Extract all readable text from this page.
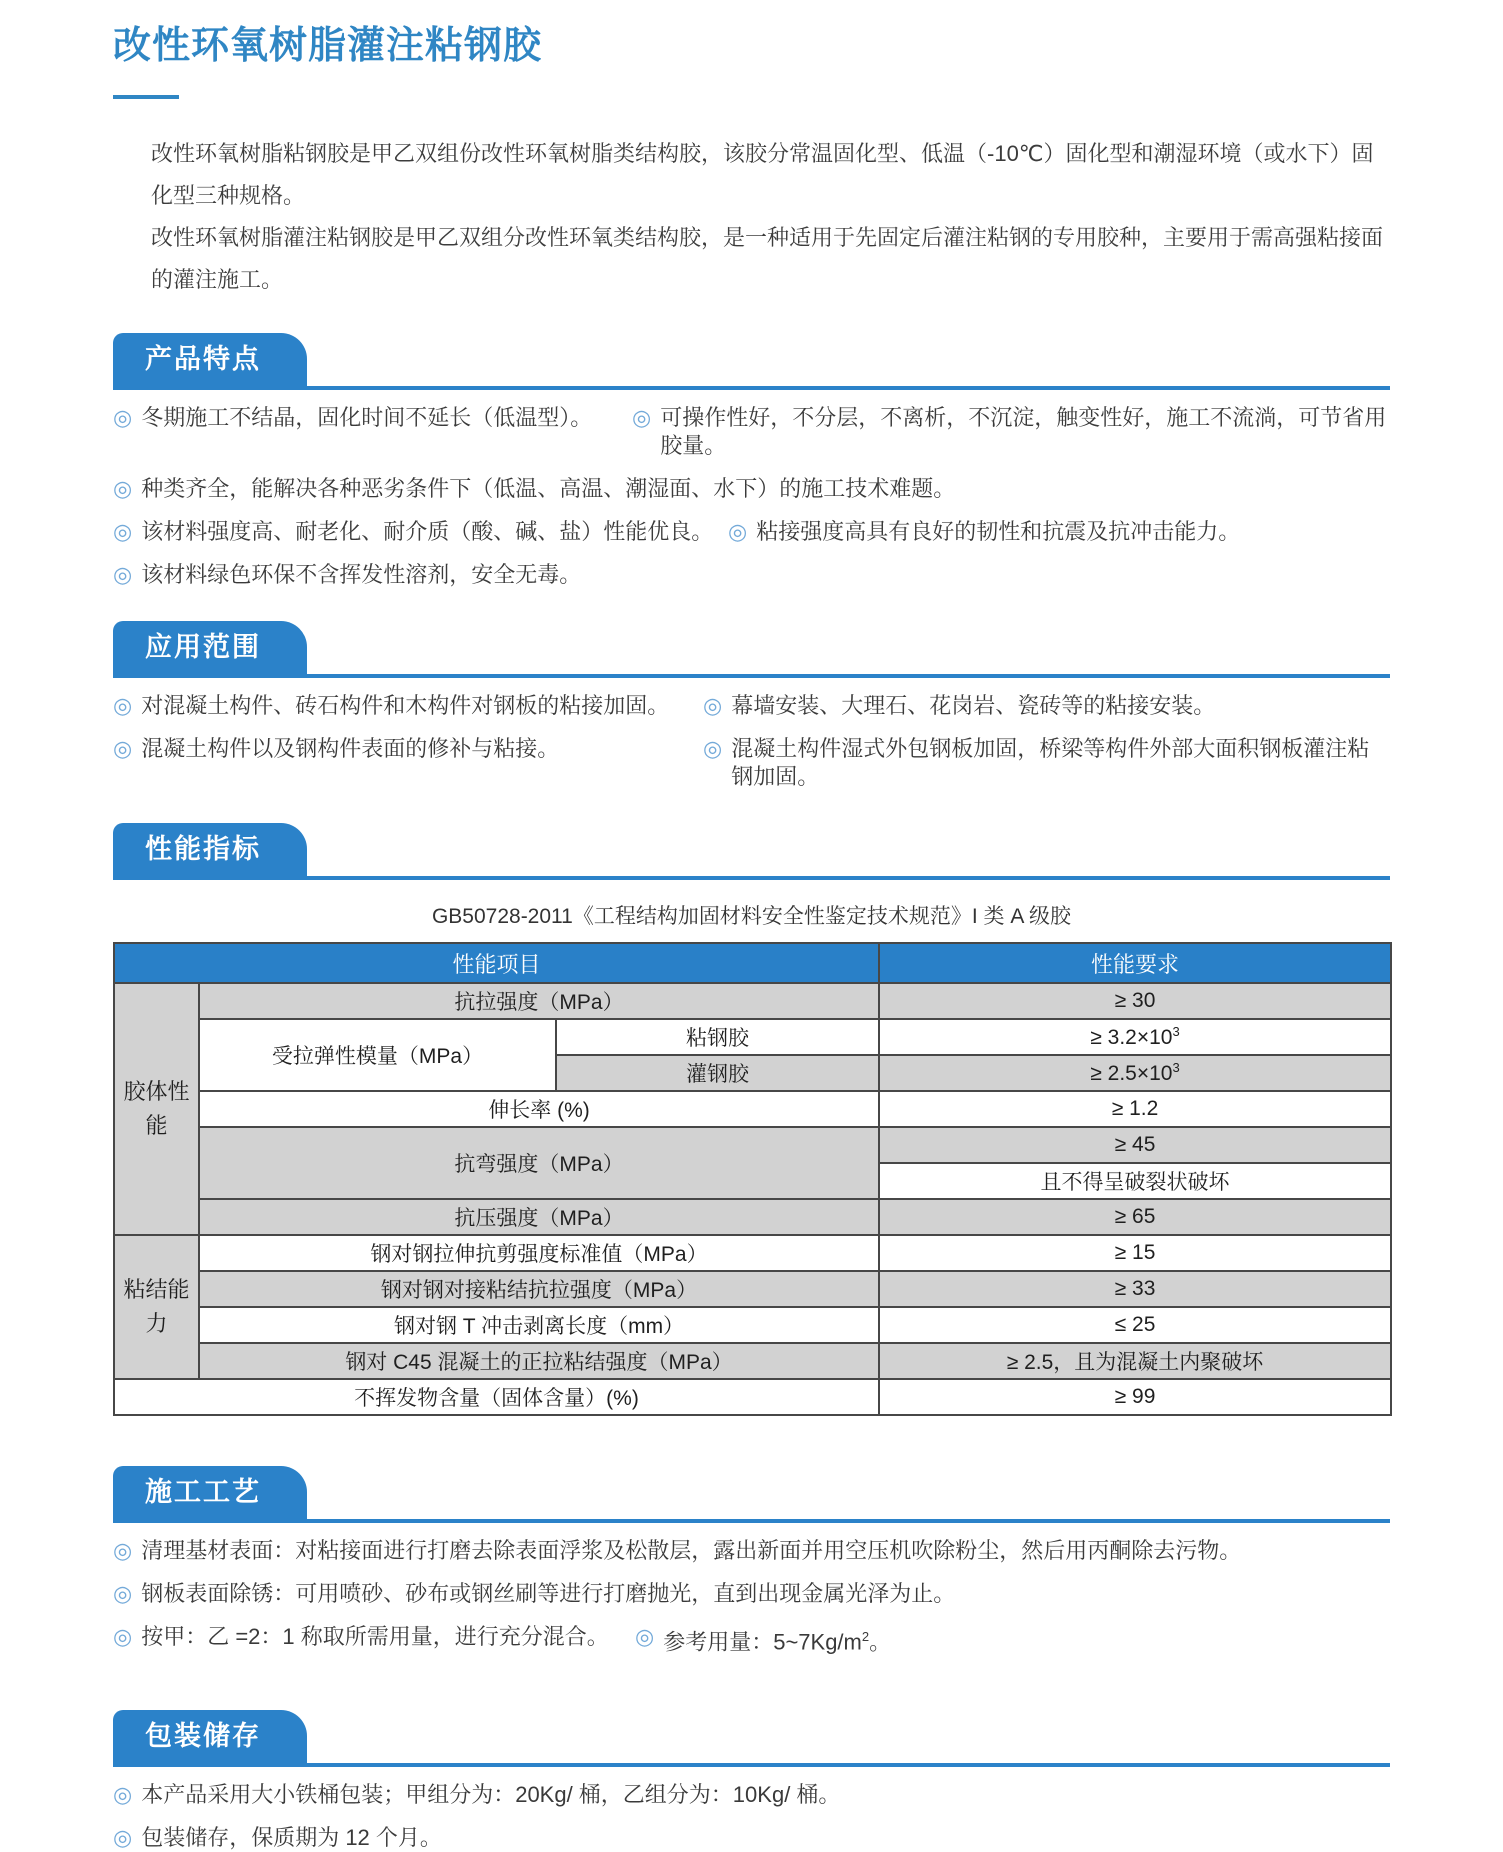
改性环氧树脂灌注粘钢胶

改性环氧树脂粘钢胶是甲乙双组份改性环氧树脂类结构胶，该胶分常温固化型、低温（-10℃）固化型和潮湿环境（或水下）固化型三种规格。

改性环氧树脂灌注粘钢胶是甲乙双组分改性环氧类结构胶，是一种适用于先固定后灌注粘钢的专用胶种，主要用于需高强粘接面的灌注施工。

产品特点
◎ 冬期施工不结晶，固化时间不延长（低温型）。 ◎ 可操作性好，不分层，不离析，不沉淀，触变性好，施工不流淌，可节省用胶量。
◎ 种类齐全，能解决各种恶劣条件下（低温、高温、潮湿面、水下）的施工技术难题。
◎ 该材料强度高、耐老化、耐介质（酸、碱、盐）性能优良。 ◎ 粘接强度高具有良好的韧性和抗震及抗冲击能力。
◎ 该材料绿色环保不含挥发性溶剂，安全无毒。
应用范围
◎ 对混凝土构件、砖石构件和木构件对钢板的粘接加固。 ◎ 幕墙安装、大理石、花岗岩、瓷砖等的粘接安装。
◎ 混凝土构件以及钢构件表面的修补与粘接。	◎ 混凝土构件湿式外包钢板加固，桥梁等构件外部大面积钢板灌注粘钢加固。
性能指标
GB50728-2011《工程结构加固材料安全性鉴定技术规范》I 类 A 级胶
性能项目			性能要求
胶体性能	抗拉强度（MPa）		≥ 30
	受拉弹性模量（MPa）	粘钢胶	≥ $3.2\times 10^3$
		灌钢胶	≥ $2.5\times 10^3$
	伸长率 (%)		≥ 1.2
	抗弯强度（MPa）		≥ 45
			且不得呈破裂状破坏
	抗压强度（MPa）		≥ 65
粘结能力	钢对钢拉伸抗剪强度标准值（MPa）		≥ 15
	钢对钢对接粘结抗拉强度（MPa）		≥ 33
	钢对钢 T 冲击剥离长度（mm）		≤ 25
	钢对 C45 混凝土的正拉粘结强度（MPa）		≥ 2.5，且为混凝土内聚破坏
不挥发物含量（固体含量）(%)			≥ 99
施工工艺
◎ 清理基材表面：对粘接面进行打磨去除表面浮浆及松散层，露出新面并用空压机吹除粉尘，然后用丙酮除去污物。
◎ 钢板表面除锈：可用喷砂、砂布或钢丝刷等进行打磨抛光，直到出现金属光泽为止。
◎ 按甲：乙 =2：1 称取所需用量，进行充分混合。 ◎ 参考用量：$5\sim 7Kg/m^2$。
包装储存
◎ 本产品采用大小铁桶包装；甲组分为：20Kg/ 桶，乙组分为：10Kg/ 桶。
◎ 包装储存，保质期为 12 个月。
